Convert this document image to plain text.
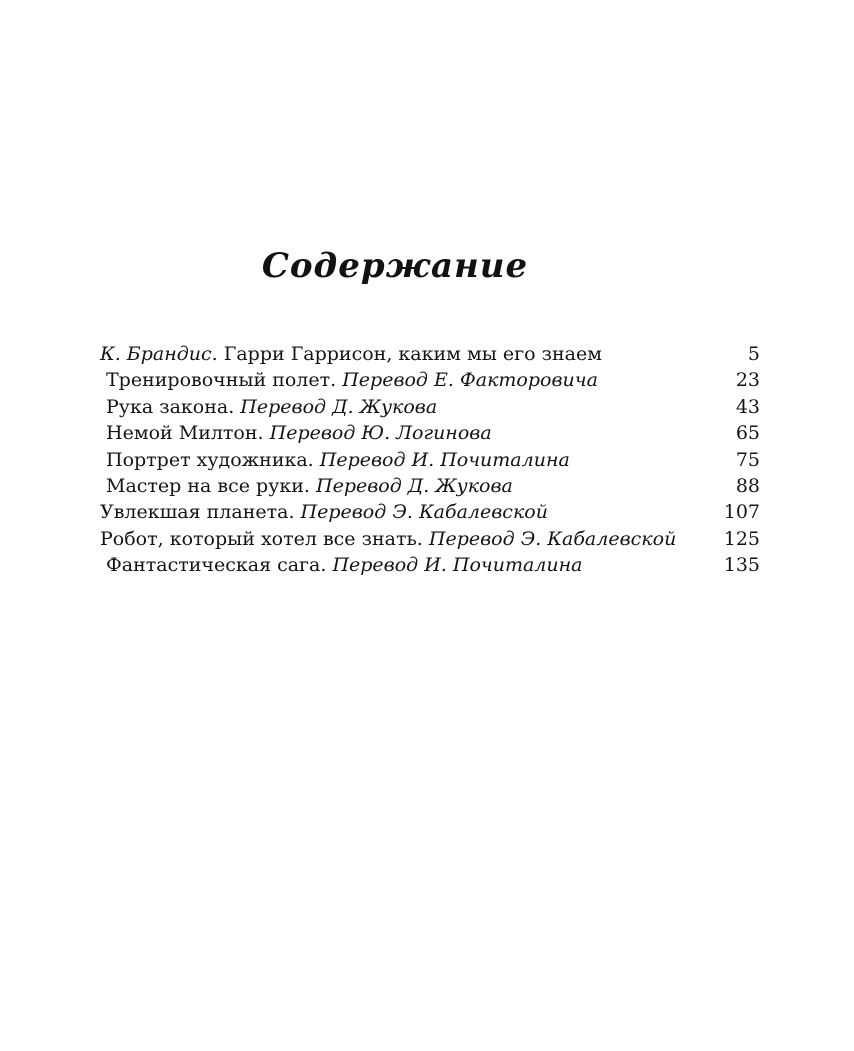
Содержание
К. Брандис. Гарри Гаррисон, каким мы его знаем	5
Тренировочный полет. Перевод Е. Факторовича	23
Рука закона. Перевод Д. Жукова	43
Немой Милтон. Перевод Ю. Логинова	65
Портрет художника. Перевод И. Почиталина	75
Мастер на все руки. Перевод Д. Жукова	88
Увлекшая планета. Перевод Э. Кабалевской	107
Робот, который хотел все знать. Перевод Э. Кабалевской 125
Фантастическая сага. Перевод И. Почиталина	135
